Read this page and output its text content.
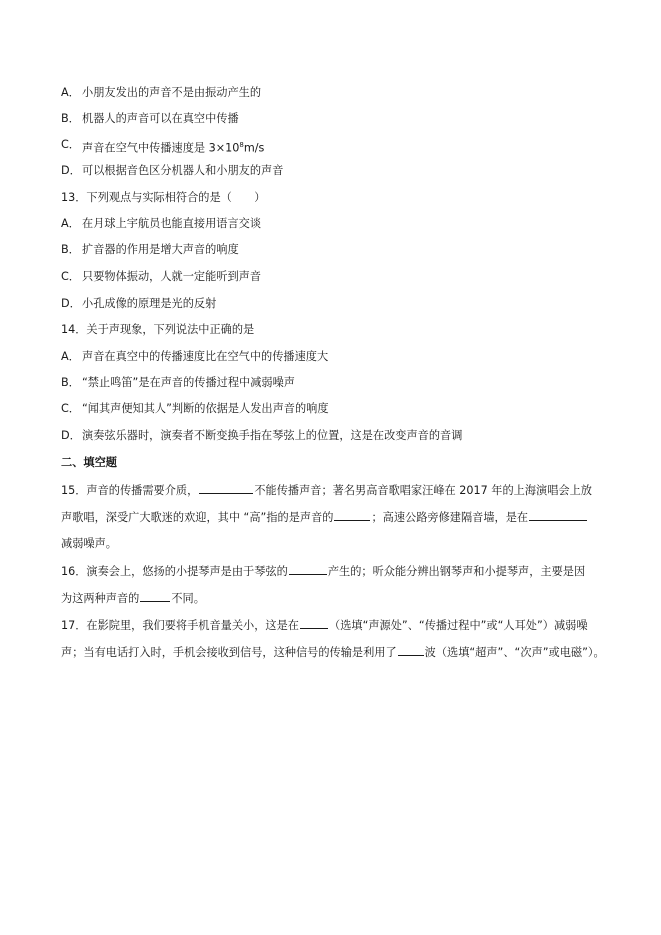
A． 小朋友发出的声音不是由振动产生的
B． 机器人的声音可以在真空中传播
C． 声音在空气中传播速度是 $3\times 10^8m/s$
D． 可以根据音色区分机器人和小朋友的声音
13．下列观点与实际相符合的是（　　）
A． 在月球上宇航员也能直接用语言交谈
B． 扩音器的作用是增大声音的响度
C． 只要物体振动，人就一定能听到声音
D． 小孔成像的原理是光的反射
14．关于声现象，下列说法中正确的是
A． 声音在真空中的传播速度比在空气中的传播速度大
B． “禁止鸣笛”是在声音的传播过程中减弱噪声
C． “闻其声便知其人”判断的依据是人发出声音的响度
D． 演奏弦乐器时，演奏者不断变换手指在琴弦上的位置，这是在改变声音的音调
二、填空题
15．声音的传播需要介质，	不能传播声音；著名男高音歌唱家汪峰在 2017 年的上海演唱会上放
声歌唱，深受广大歌迷的欢迎，其中 “高”指的是声音的	；高速公路旁修建隔音墙，是在
减弱噪声。
16．演奏会上，悠扬的小提琴声是由于琴弦的	产生的；听众能分辨出钢琴声和小提琴声，主要是因
为这两种声音的	不同。
17．在影院里，我们要将手机音量关小，这是在	（选填“声源处”、“传播过程中”或“人耳处”）减弱噪
声；当有电话打入时，手机会接收到信号，这种信号的传输是利用了	波（选填“超声”、“次声”或电磁”）。
